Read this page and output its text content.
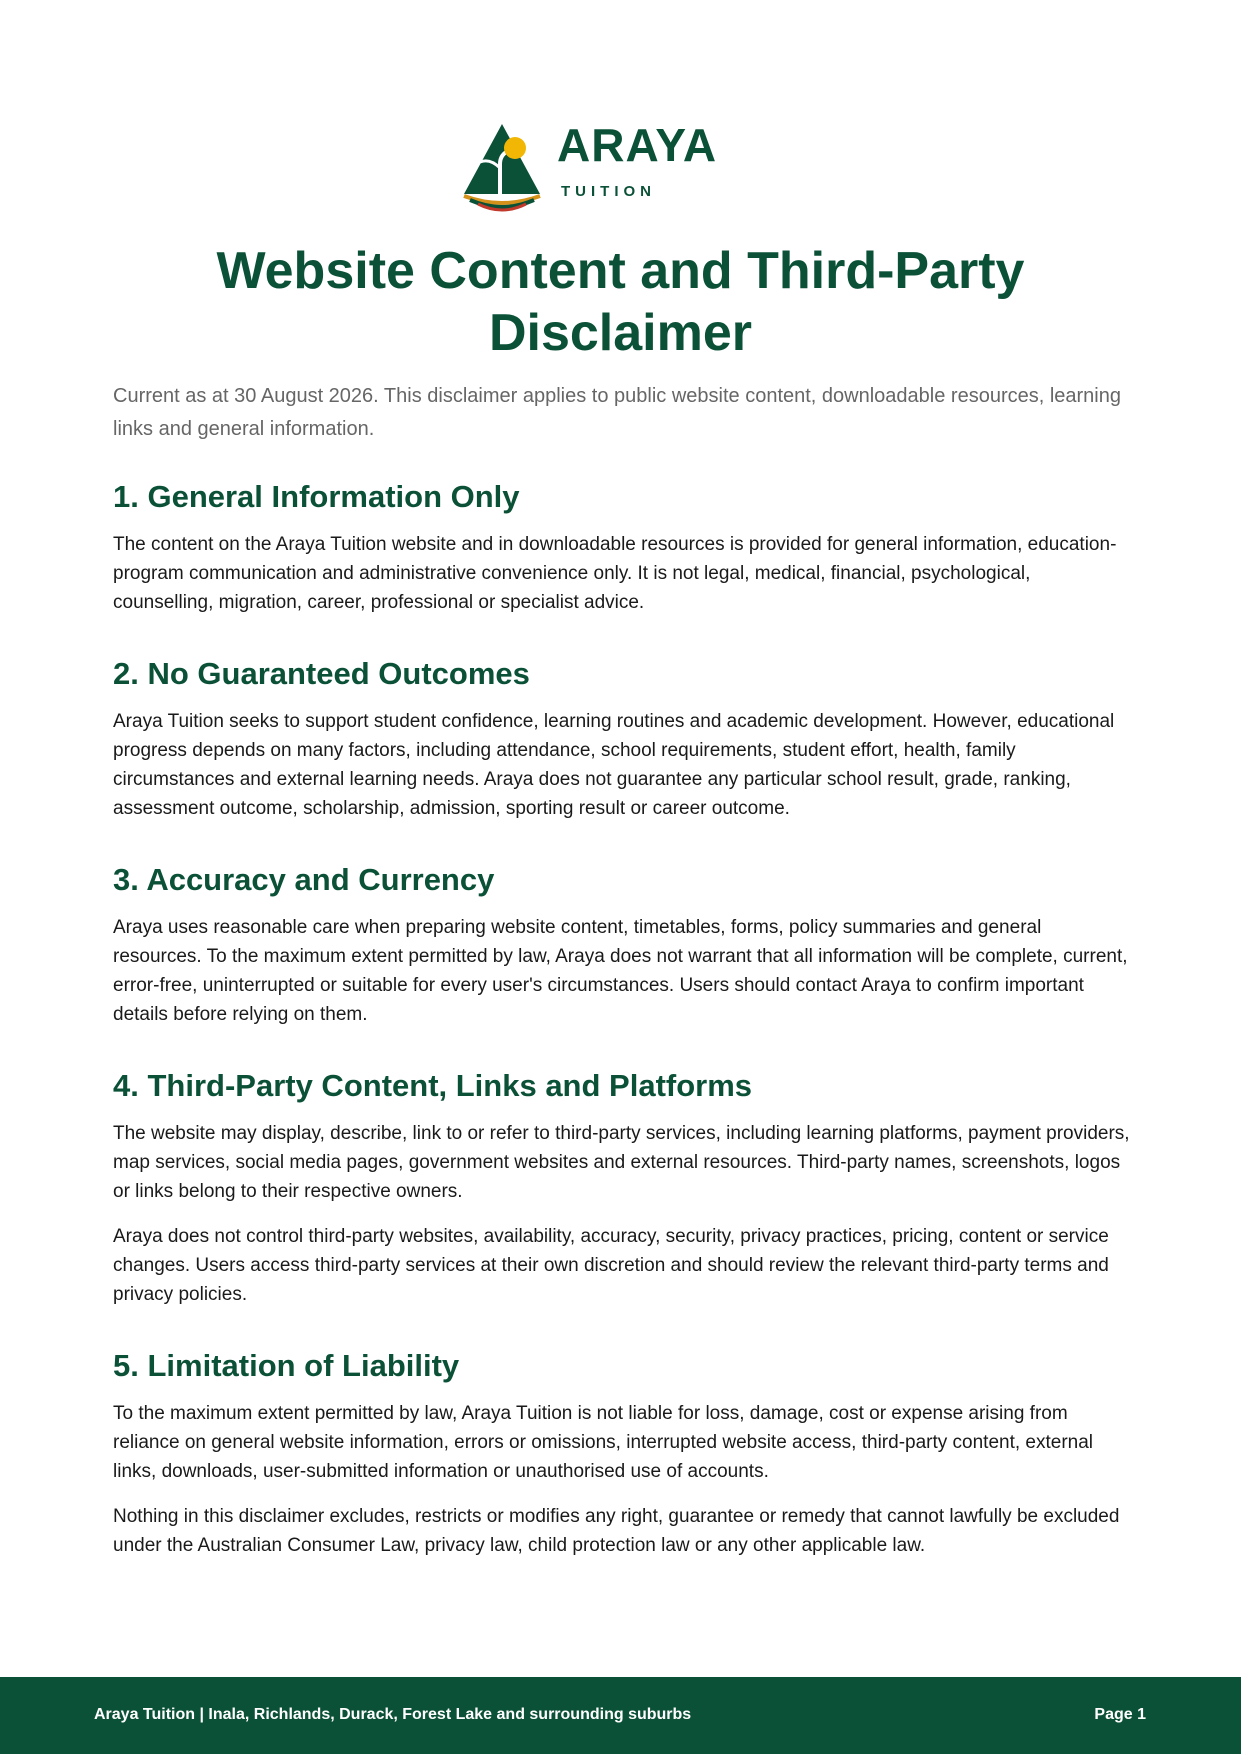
ARAYA
TUITION
Website Content and Third-Party Disclaimer

Current as at 30 August 2026. This disclaimer applies to public website content, downloadable resources, learning links and general information.

1. General Information Only

The content on the Araya Tuition website and in downloadable resources is provided for general information, education-program communication and administrative convenience only. It is not legal, medical, financial, psychological, counselling, migration, career, professional or specialist advice.

2. No Guaranteed Outcomes

Araya Tuition seeks to support student confidence, learning routines and academic development. However, educational progress depends on many factors, including attendance, school requirements, student effort, health, family circumstances and external learning needs. Araya does not guarantee any particular school result, grade, ranking, assessment outcome, scholarship, admission, sporting result or career outcome.

3. Accuracy and Currency

Araya uses reasonable care when preparing website content, timetables, forms, policy summaries and general resources. To the maximum extent permitted by law, Araya does not warrant that all information will be complete, current, error-free, uninterrupted or suitable for every user's circumstances. Users should contact Araya to confirm important details before relying on them.

4. Third-Party Content, Links and Platforms

The website may display, describe, link to or refer to third-party services, including learning platforms, payment providers, map services, social media pages, government websites and external resources. Third-party names, screenshots, logos or links belong to their respective owners.

Araya does not control third-party websites, availability, accuracy, security, privacy practices, pricing, content or service changes. Users access third-party services at their own discretion and should review the relevant third-party terms and privacy policies.

5. Limitation of Liability

To the maximum extent permitted by law, Araya Tuition is not liable for loss, damage, cost or expense arising from reliance on general website information, errors or omissions, interrupted website access, third-party content, external links, downloads, user-submitted information or unauthorised use of accounts.

Nothing in this disclaimer excludes, restricts or modifies any right, guarantee or remedy that cannot lawfully be excluded under the Australian Consumer Law, privacy law, child protection law or any other applicable law.

Araya Tuition | Inala, Richlands, Durack, Forest Lake and surrounding suburbs	Page 1
